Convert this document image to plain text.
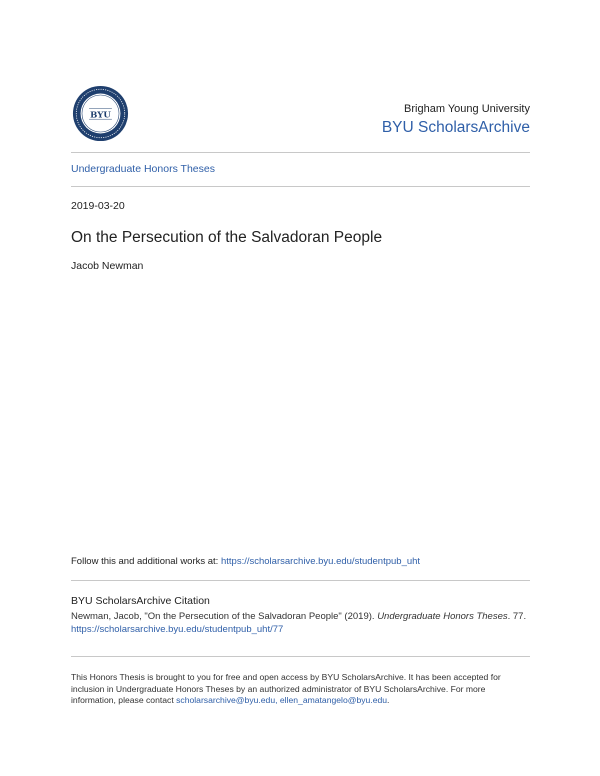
BYU
Brigham Young University
BYU ScholarsArchive
Undergraduate Honors Theses
2019-03-20
On the Persecution of the Salvadoran People
Jacob Newman
Follow this and additional works at: https://scholarsarchive.byu.edu/studentpub_uht
BYU ScholarsArchive Citation
Newman, Jacob, "On the Persecution of the Salvadoran People" (2019). Undergraduate Honors Theses. 77.
https://scholarsarchive.byu.edu/studentpub_uht/77
This Honors Thesis is brought to you for free and open access by BYU ScholarsArchive. It has been accepted for inclusion in Undergraduate Honors Theses by an authorized administrator of BYU ScholarsArchive. For more information, please contact scholarsarchive@byu.edu, ellen_amatangelo@byu.edu.
